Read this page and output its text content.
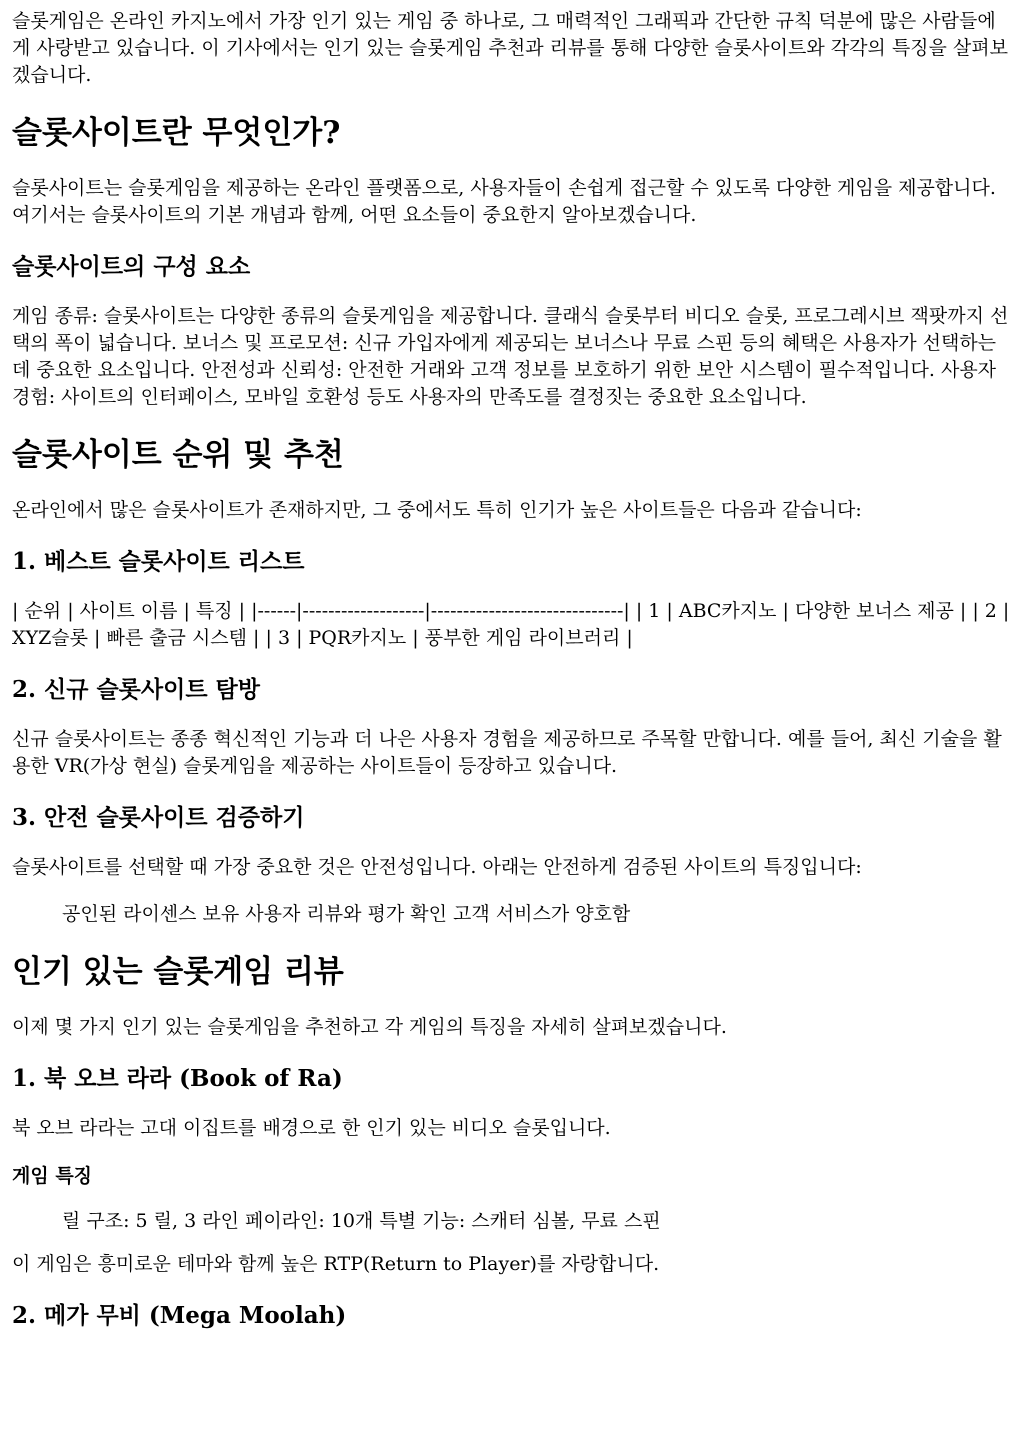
슬롯게임은 온라인 카지노에서 가장 인기 있는 게임 중 하나로, 그 매력적인 그래픽과 간단한 규칙 덕분에 많은 사람들에게 사랑받고 있습니다. 이 기사에서는 인기 있는 슬롯게임 추천과 리뷰를 통해 다양한 슬롯사이트와 각각의 특징을 살펴보겠습니다.

슬롯사이트란 무엇인가?

슬롯사이트는 슬롯게임을 제공하는 온라인 플랫폼으로, 사용자들이 손쉽게 접근할 수 있도록 다양한 게임을 제공합니다. 여기서는 슬롯사이트의 기본 개념과 함께, 어떤 요소들이 중요한지 알아보겠습니다.

슬롯사이트의 구성 요소

게임 종류: 슬롯사이트는 다양한 종류의 슬롯게임을 제공합니다. 클래식 슬롯부터 비디오 슬롯, 프로그레시브 잭팟까지 선택의 폭이 넓습니다. 보너스 및 프로모션: 신규 가입자에게 제공되는 보너스나 무료 스핀 등의 혜택은 사용자가 선택하는 데 중요한 요소입니다. 안전성과 신뢰성: 안전한 거래와 고객 정보를 보호하기 위한 보안 시스템이 필수적입니다. 사용자 경험: 사이트의 인터페이스, 모바일 호환성 등도 사용자의 만족도를 결정짓는 중요한 요소입니다.

슬롯사이트 순위 및 추천

온라인에서 많은 슬롯사이트가 존재하지만, 그 중에서도 특히 인기가 높은 사이트들은 다음과 같습니다:

1. 베스트 슬롯사이트 리스트

| 순위 | 사이트 이름 | 특징 | |------|-------------------|------------------------------| | 1 | ABC카지노 | 다양한 보너스 제공 | | 2 | XYZ슬롯 | 빠른 출금 시스템 | | 3 | PQR카지노 | 풍부한 게임 라이브러리 |

2. 신규 슬롯사이트 탐방

신규 슬롯사이트는 종종 혁신적인 기능과 더 나은 사용자 경험을 제공하므로 주목할 만합니다. 예를 들어, 최신 기술을 활용한 VR(가상 현실) 슬롯게임을 제공하는 사이트들이 등장하고 있습니다.

3. 안전 슬롯사이트 검증하기

슬롯사이트를 선택할 때 가장 중요한 것은 안전성입니다. 아래는 안전하게 검증된 사이트의 특징입니다:

공인된 라이센스 보유 사용자 리뷰와 평가 확인 고객 서비스가 양호함
인기 있는 슬롯게임 리뷰

이제 몇 가지 인기 있는 슬롯게임을 추천하고 각 게임의 특징을 자세히 살펴보겠습니다.

1. 북 오브 라라 (Book of Ra)

북 오브 라라는 고대 이집트를 배경으로 한 인기 있는 비디오 슬롯입니다.

게임 특징
릴 구조: 5 릴, 3 라인 페이라인: 10개 특별 기능: 스캐터 심볼, 무료 스핀

이 게임은 흥미로운 테마와 함께 높은 RTP(Return to Player)를 자랑합니다.

2. 메가 무비 (Mega Moolah)
